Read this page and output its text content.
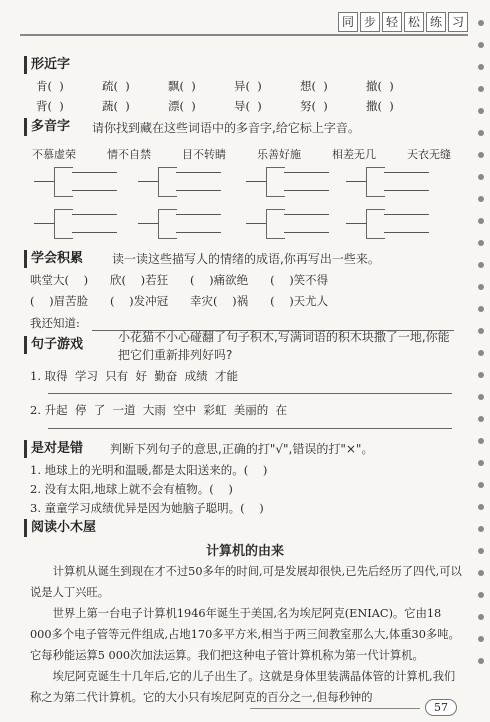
同 步 轻 松 练 习
形近字
肯(  )	疏(  )	飘(  )	异(  )	想(  )	撤(  )
背(  )	蔬(  )	漂(  )	导(  )	努(  )	撒(  )
多音字 请你找到藏在这些词语中的多音字,给它标上字音。
不慕虚荣	情不自禁	目不转睛	乐善好施	相差无几	天衣无缝
学会积累 读一读这些描写人的情绪的成语,你再写出一些来。
哄堂大(    )      欣(    )若狂      (    )痛欲绝      (    )笑不得
(    )眉苦脸      (    )发冲冠      幸灾(    )祸      (    )天尤人
我还知道:
句子游戏	小花猫不小心碰翻了句子积木,写满词语的积木块撒了一地,你能
把它们重新排列好吗?
1. 取得  学习  只有  好  勤奋  成绩  才能
2. 升起  停  了  一道  大雨  空中  彩虹  美丽的  在
是对是错 判断下列句子的意思,正确的打"√",错误的打"×"。
1. 地球上的光明和温暖,都是太阳送来的。(    )
2. 没有太阳,地球上就不会有植物。(    )
3. 童童学习成绩优异是因为她脑子聪明。(    )
阅读小木屋
计算机的由来
计算机从诞生到现在才不过50多年的时间,可是发展却很快,已先后经历了四代,可以说是人丁兴旺。
世界上第一台电子计算机1946年诞生于美国,名为埃尼阿克(ENIAC)。它由18 000多个电子管等元件组成,占地170多平方米,相当于两三间教室那么大,体重30多吨。它每秒能运算5 000次加法运算。我们把这种电子管计算机称为第一代计算机。
埃尼阿克诞生十几年后,它的儿子出生了。这就是身体里装满晶体管的计算机,我们称之为第二代计算机。它的大小只有埃尼阿克的百分之一,但每秒钟的
57
